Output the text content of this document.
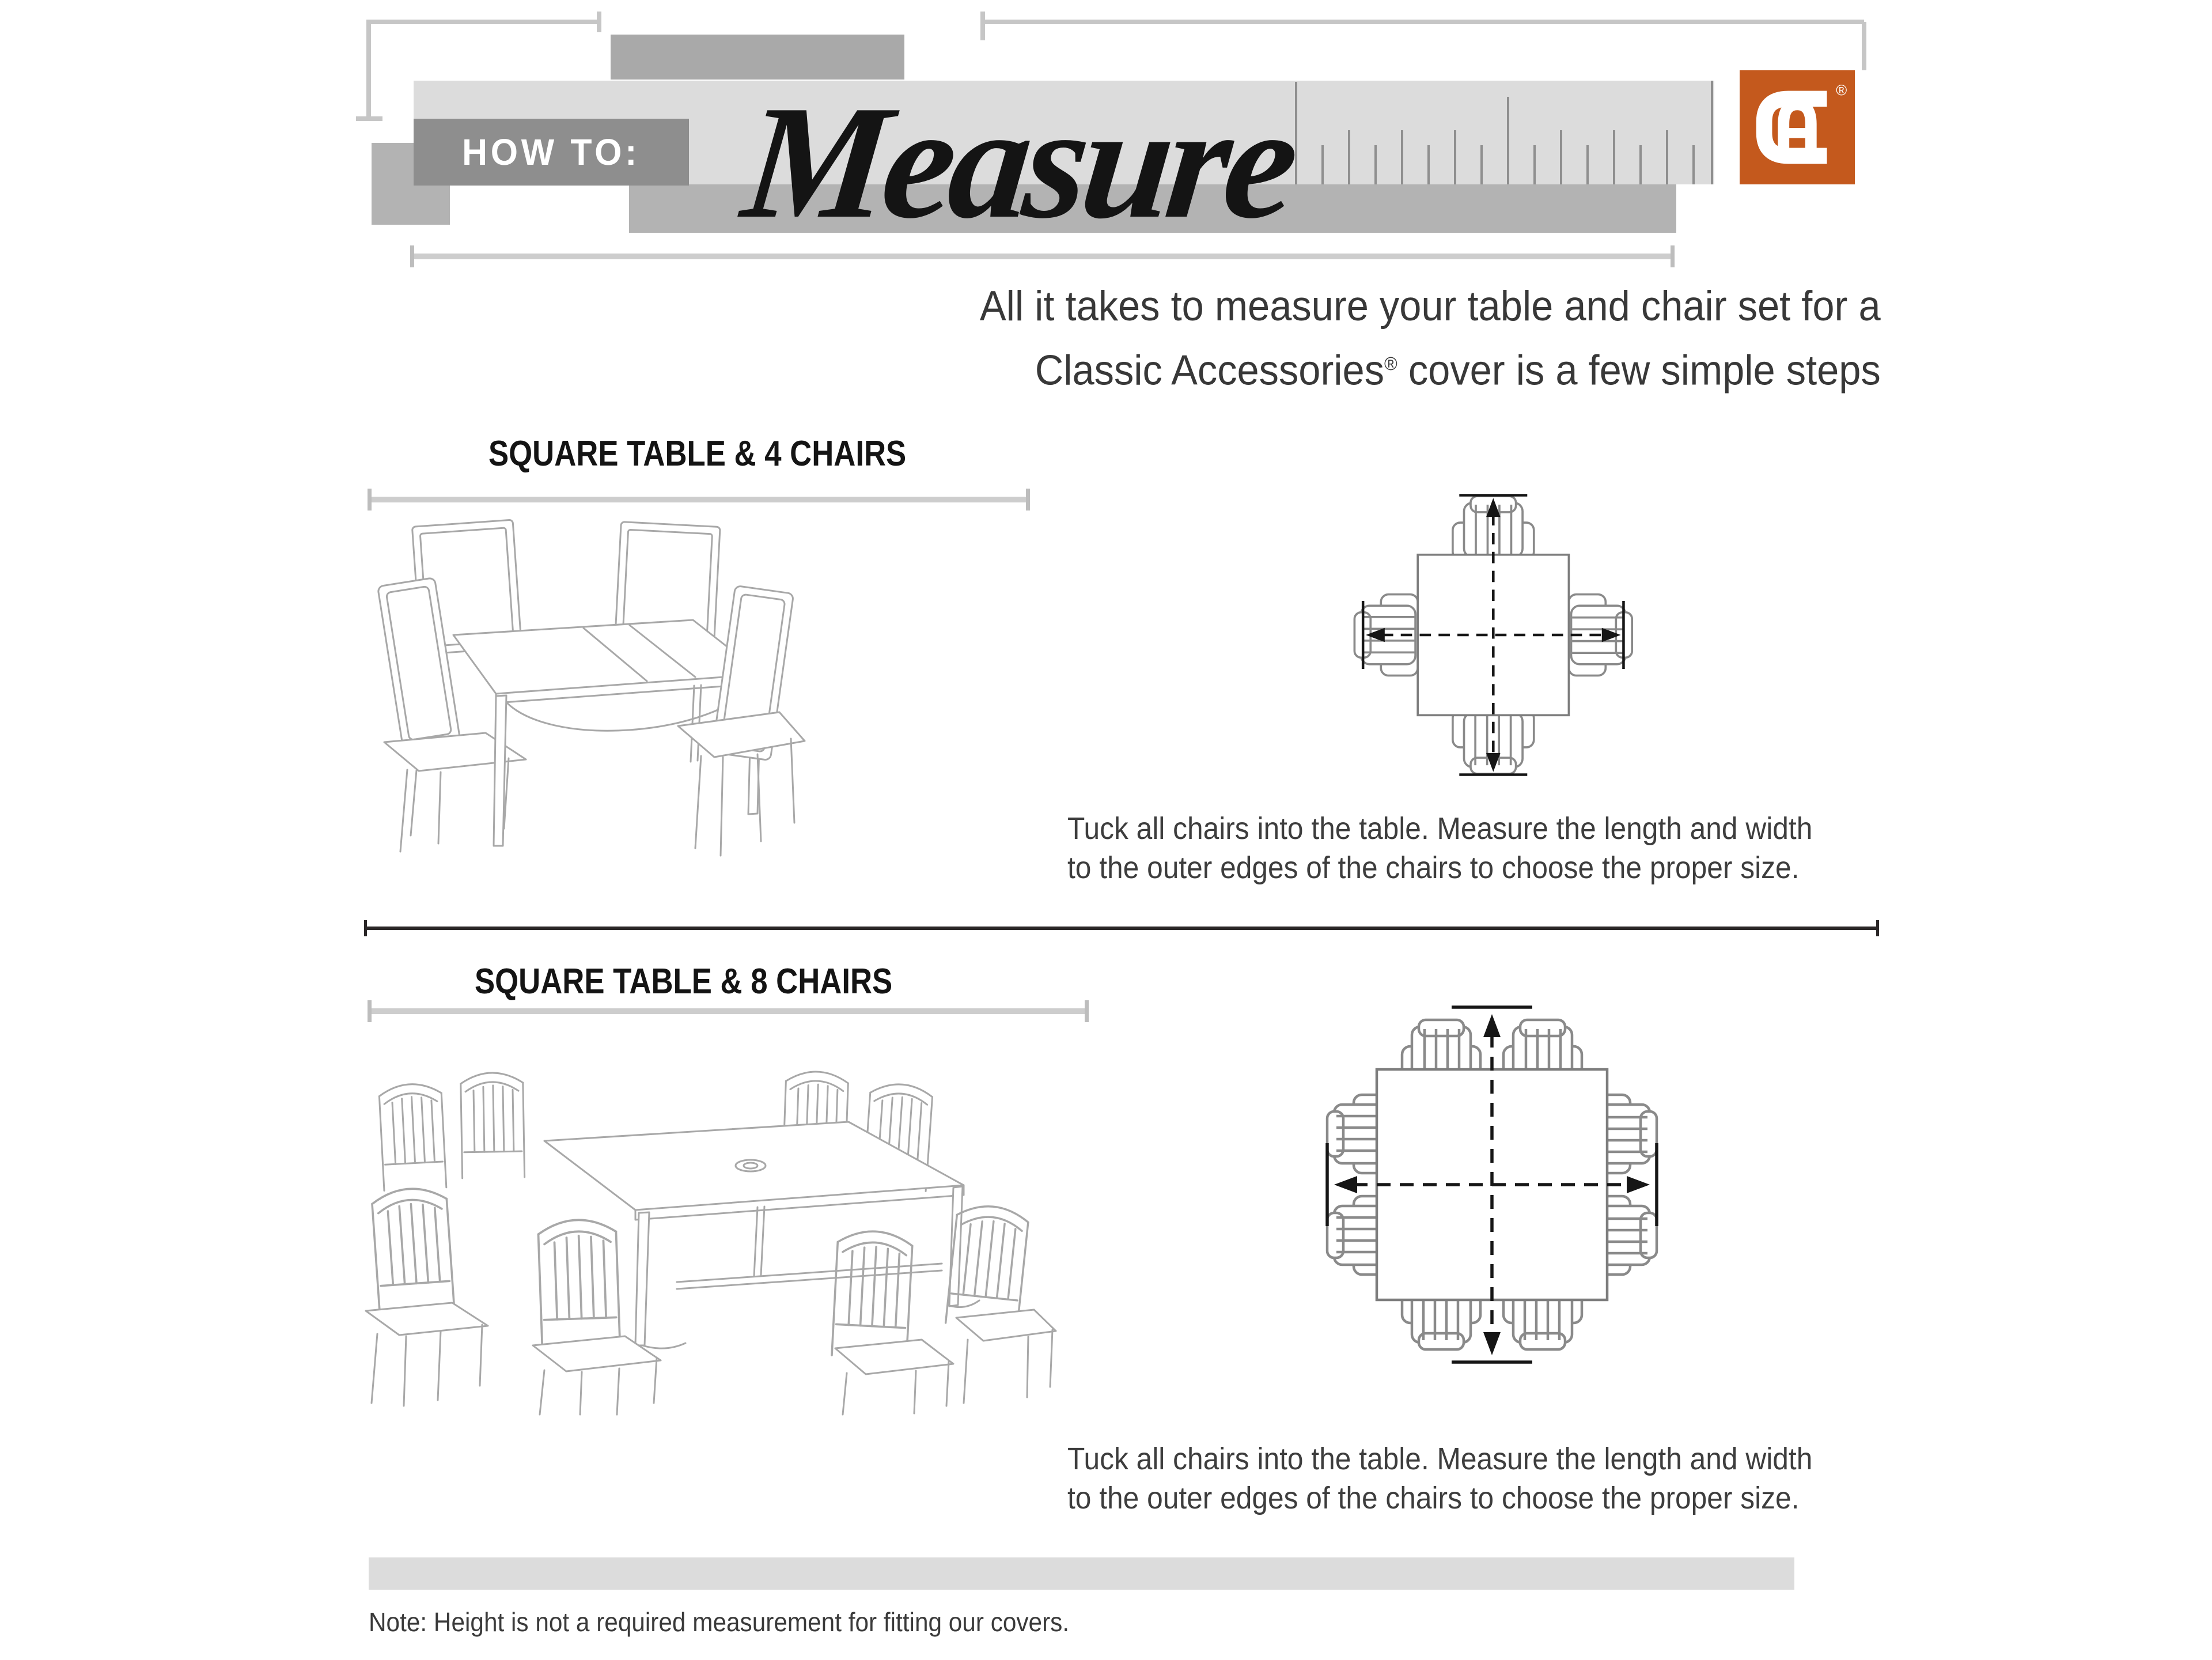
HOW TO: Measure	®
All it takes to measure your table and chair set for a
Classic Accessories® cover is a few simple steps
SQUARE TABLE & 4 CHAIRS
Tuck all chairs into the table. Measure the length and width
to the outer edges of the chairs to choose the proper size.
SQUARE TABLE & 8 CHAIRS
Tuck all chairs into the table. Measure the length and width
to the outer edges of the chairs to choose the proper size.
Note: Height is not a required measurement for fitting our covers.
